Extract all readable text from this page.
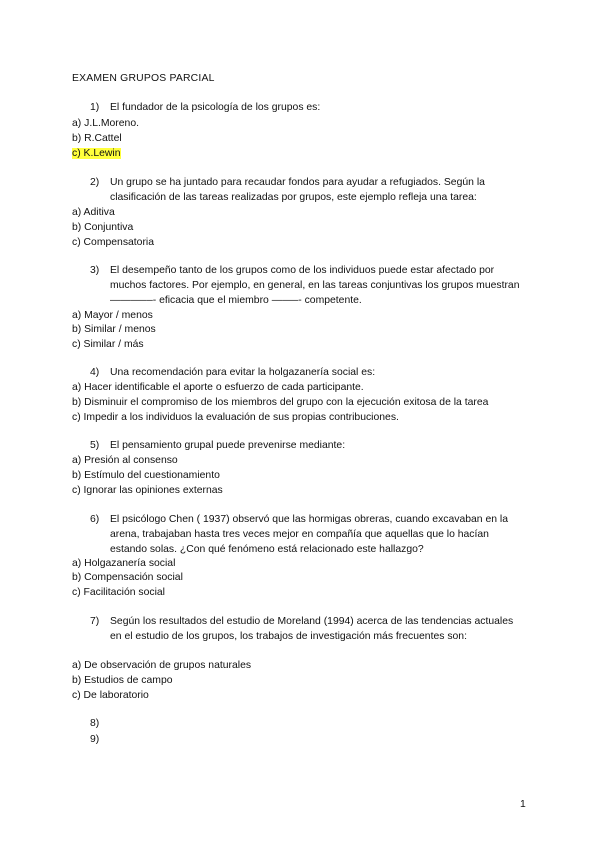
EXAMEN GRUPOS PARCIAL
1)	El fundador de la psicología de los grupos es:
a) J.L.Moreno.
b) R.Cattel
c) K.Lewin
2)	Un grupo se ha juntado para recaudar fondos para ayudar a refugiados. Según la clasificación de las tareas realizadas por grupos, este ejemplo refleja una tarea:
a) Aditiva
b) Conjuntiva
c) Compensatoria
3)	El desempeño tanto de los grupos como de los individuos puede estar afectado por muchos factores. Por ejemplo, en general, en las tareas conjuntivas los grupos muestran ——–—–- eficacia que el miembro ——–- competente.
a) Mayor / menos
b) Similar / menos
c) Similar / más
4)	Una recomendación para evitar la holgazanería social es:
a) Hacer identificable el aporte o esfuerzo de cada participante.
b) Disminuir el compromiso de los miembros del grupo con la ejecución exitosa de la tarea
c) Impedir a los individuos la evaluación de sus propias contribuciones.
5)	El pensamiento grupal puede prevenirse mediante:
a) Presión al consenso
b) Estímulo del cuestionamiento
c) Ignorar las opiniones externas
6)	El psicólogo Chen ( 1937) observó que las hormigas obreras, cuando excavaban en la arena, trabajaban hasta tres veces mejor en compañía que aquellas que lo hacían estando solas. ¿Con qué fenómeno está relacionado este hallazgo?
a) Holgazanería social
b) Compensación social
c) Facilitación social
7)	Según los resultados del estudio de Moreland (1994) acerca de las tendencias actuales en el estudio de los grupos, los trabajos de investigación más frecuentes son:
a) De observación de grupos naturales
b) Estudios de campo
c) De laboratorio
8)
9)
1
